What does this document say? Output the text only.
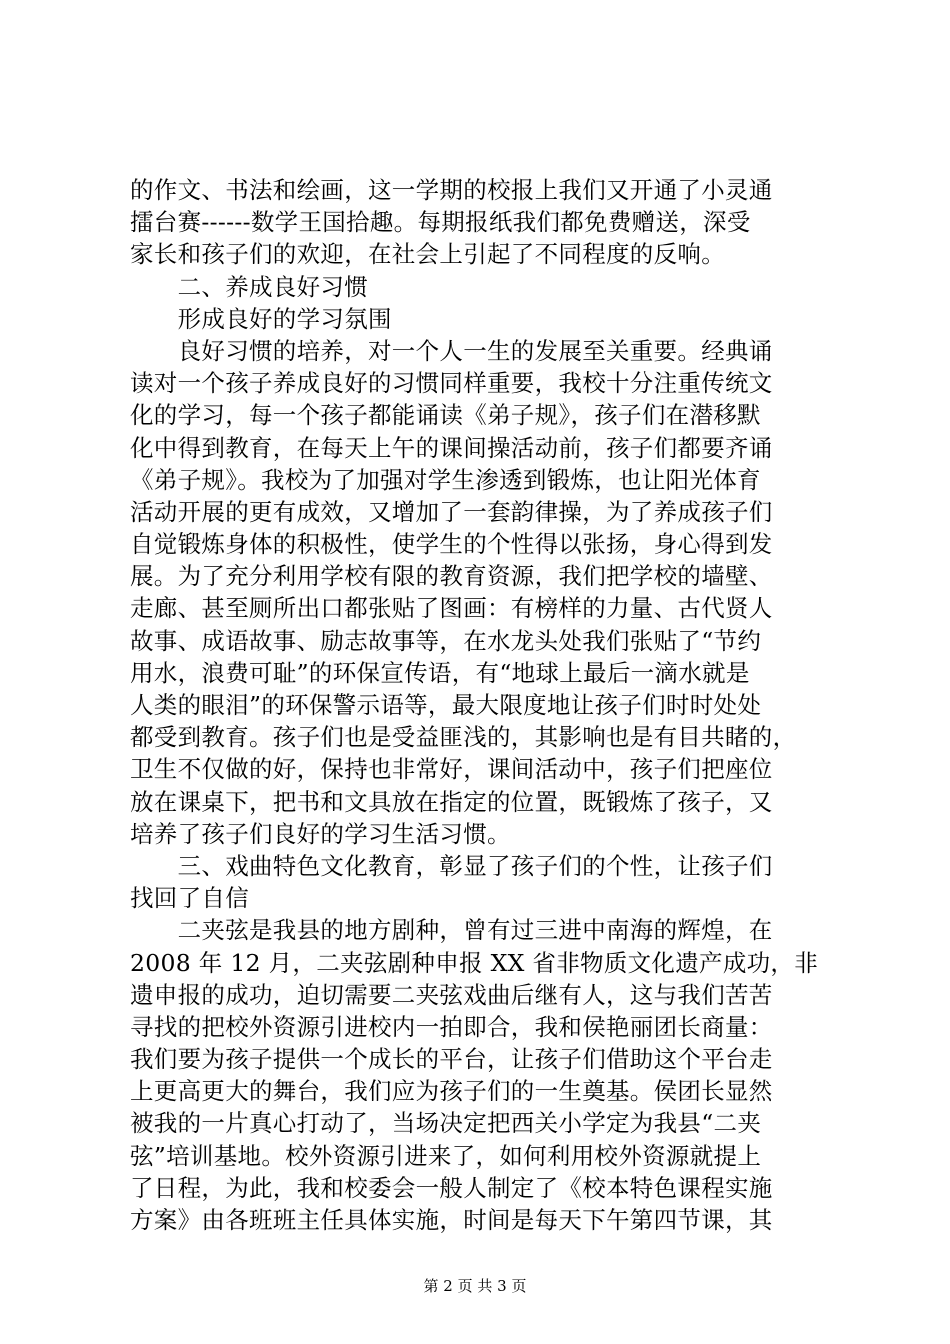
的作文、书法和绘画，这一学期的校报上我们又开通了小灵通
擂台赛------数学王国拾趣。每期报纸我们都免费赠送，深受
家长和孩子们的欢迎，在社会上引起了不同程度的反响。
　　二、养成良好习惯
　　形成良好的学习氛围
　　良好习惯的培养，对一个人一生的发展至关重要。经典诵
读对一个孩子养成良好的习惯同样重要，我校十分注重传统文
化的学习，每一个孩子都能诵读《弟子规》，孩子们在潜移默
化中得到教育，在每天上午的课间操活动前，孩子们都要齐诵
《弟子规》。我校为了加强对学生渗透到锻炼，也让阳光体育
活动开展的更有成效，又增加了一套韵律操，为了养成孩子们
自觉锻炼身体的积极性，使学生的个性得以张扬，身心得到发
展。为了充分利用学校有限的教育资源，我们把学校的墙壁、
走廊、甚至厕所出口都张贴了图画：有榜样的力量、古代贤人
故事、成语故事、励志故事等，在水龙头处我们张贴了“节约
用水，浪费可耻”的环保宣传语，有“地球上最后一滴水就是
人类的眼泪”的环保警示语等，最大限度地让孩子们时时处处
都受到教育。孩子们也是受益匪浅的，其影响也是有目共睹的，
卫生不仅做的好，保持也非常好，课间活动中，孩子们把座位
放在课桌下，把书和文具放在指定的位置，既锻炼了孩子，又
培养了孩子们良好的学习生活习惯。
　　三、戏曲特色文化教育，彰显了孩子们的个性，让孩子们
找回了自信
　　二夹弦是我县的地方剧种，曾有过三进中南海的辉煌，在
2008 年 12 月，二夹弦剧种申报 XX 省非物质文化遗产成功，非
遗申报的成功，迫切需要二夹弦戏曲后继有人，这与我们苦苦
寻找的把校外资源引进校内一拍即合，我和侯艳丽团长商量：
我们要为孩子提供一个成长的平台，让孩子们借助这个平台走
上更高更大的舞台，我们应为孩子们的一生奠基。侯团长显然
被我的一片真心打动了，当场决定把西关小学定为我县“二夹
弦”培训基地。校外资源引进来了，如何利用校外资源就提上
了日程，为此，我和校委会一般人制定了《校本特色课程实施
方案》由各班班主任具体实施，时间是每天下午第四节课，其
第 2 页 共 3 页
